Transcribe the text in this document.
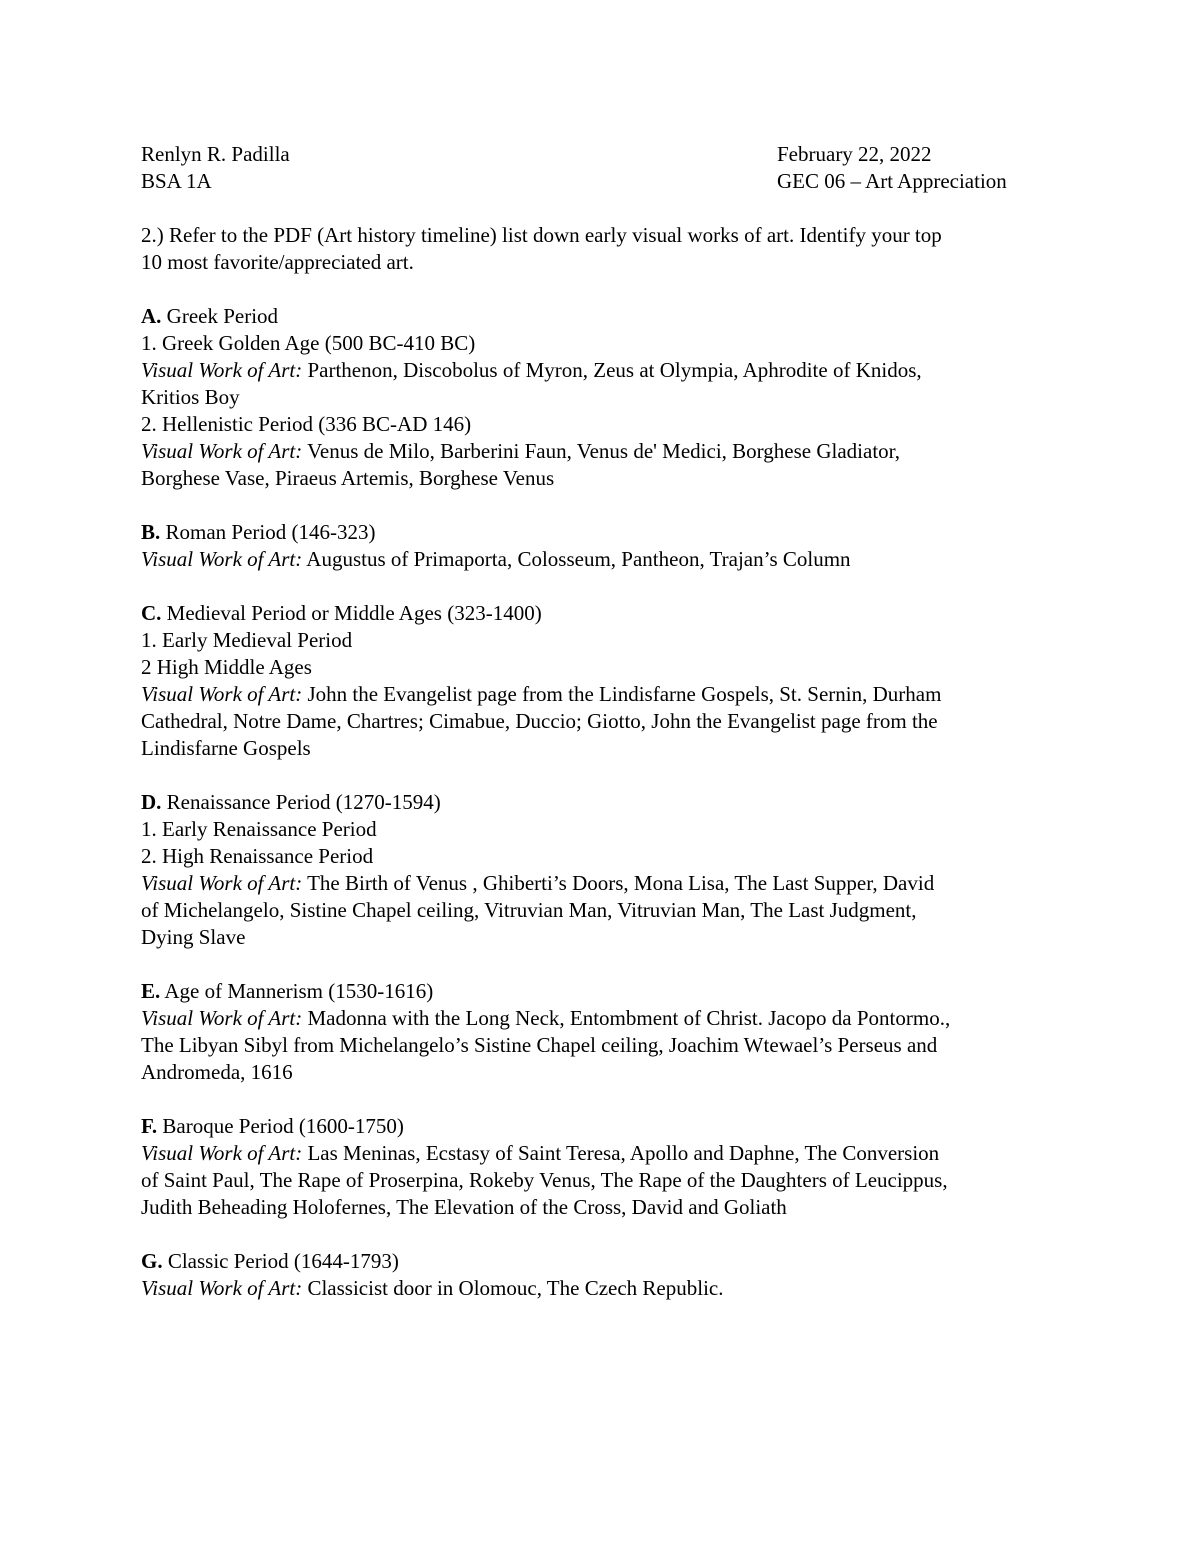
Renlyn R. Padilla	February 22, 2022
BSA 1A	GEC 06 – Art Appreciation
2.) Refer to the PDF (Art history timeline) list down early visual works of art. Identify your top
10 most favorite/appreciated art.
A. Greek Period
1. Greek Golden Age (500 BC-410 BC)
Visual Work of Art: Parthenon, Discobolus of Myron, Zeus at Olympia, Aphrodite of Knidos,
Kritios Boy
2. Hellenistic Period (336 BC-AD 146)
Visual Work of Art: Venus de Milo, Barberini Faun, Venus de' Medici, Borghese Gladiator,
Borghese Vase, Piraeus Artemis, Borghese Venus
B. Roman Period (146-323)
Visual Work of Art: Augustus of Primaporta, Colosseum, Pantheon, Trajan’s Column
C. Medieval Period or Middle Ages (323-1400)
1. Early Medieval Period
2 High Middle Ages
Visual Work of Art: John the Evangelist page from the Lindisfarne Gospels, St. Sernin, Durham
Cathedral, Notre Dame, Chartres; Cimabue, Duccio; Giotto, John the Evangelist page from the
Lindisfarne Gospels
D. Renaissance Period (1270-1594)
1. Early Renaissance Period
2. High Renaissance Period
Visual Work of Art: The Birth of Venus , Ghiberti’s Doors, Mona Lisa, The Last Supper, David
of Michelangelo, Sistine Chapel ceiling, Vitruvian Man, Vitruvian Man, The Last Judgment,
Dying Slave
E. Age of Mannerism (1530-1616)
Visual Work of Art: Madonna with the Long Neck, Entombment of Christ. Jacopo da Pontormo.,
The Libyan Sibyl from Michelangelo’s Sistine Chapel ceiling, Joachim Wtewael’s Perseus and
Andromeda, 1616
F. Baroque Period (1600-1750)
Visual Work of Art: Las Meninas, Ecstasy of Saint Teresa, Apollo and Daphne, The Conversion
of Saint Paul, The Rape of Proserpina, Rokeby Venus, The Rape of the Daughters of Leucippus,
Judith Beheading Holofernes, The Elevation of the Cross, David and Goliath
G. Classic Period (1644-1793)
Visual Work of Art: Classicist door in Olomouc, The Czech Republic.
